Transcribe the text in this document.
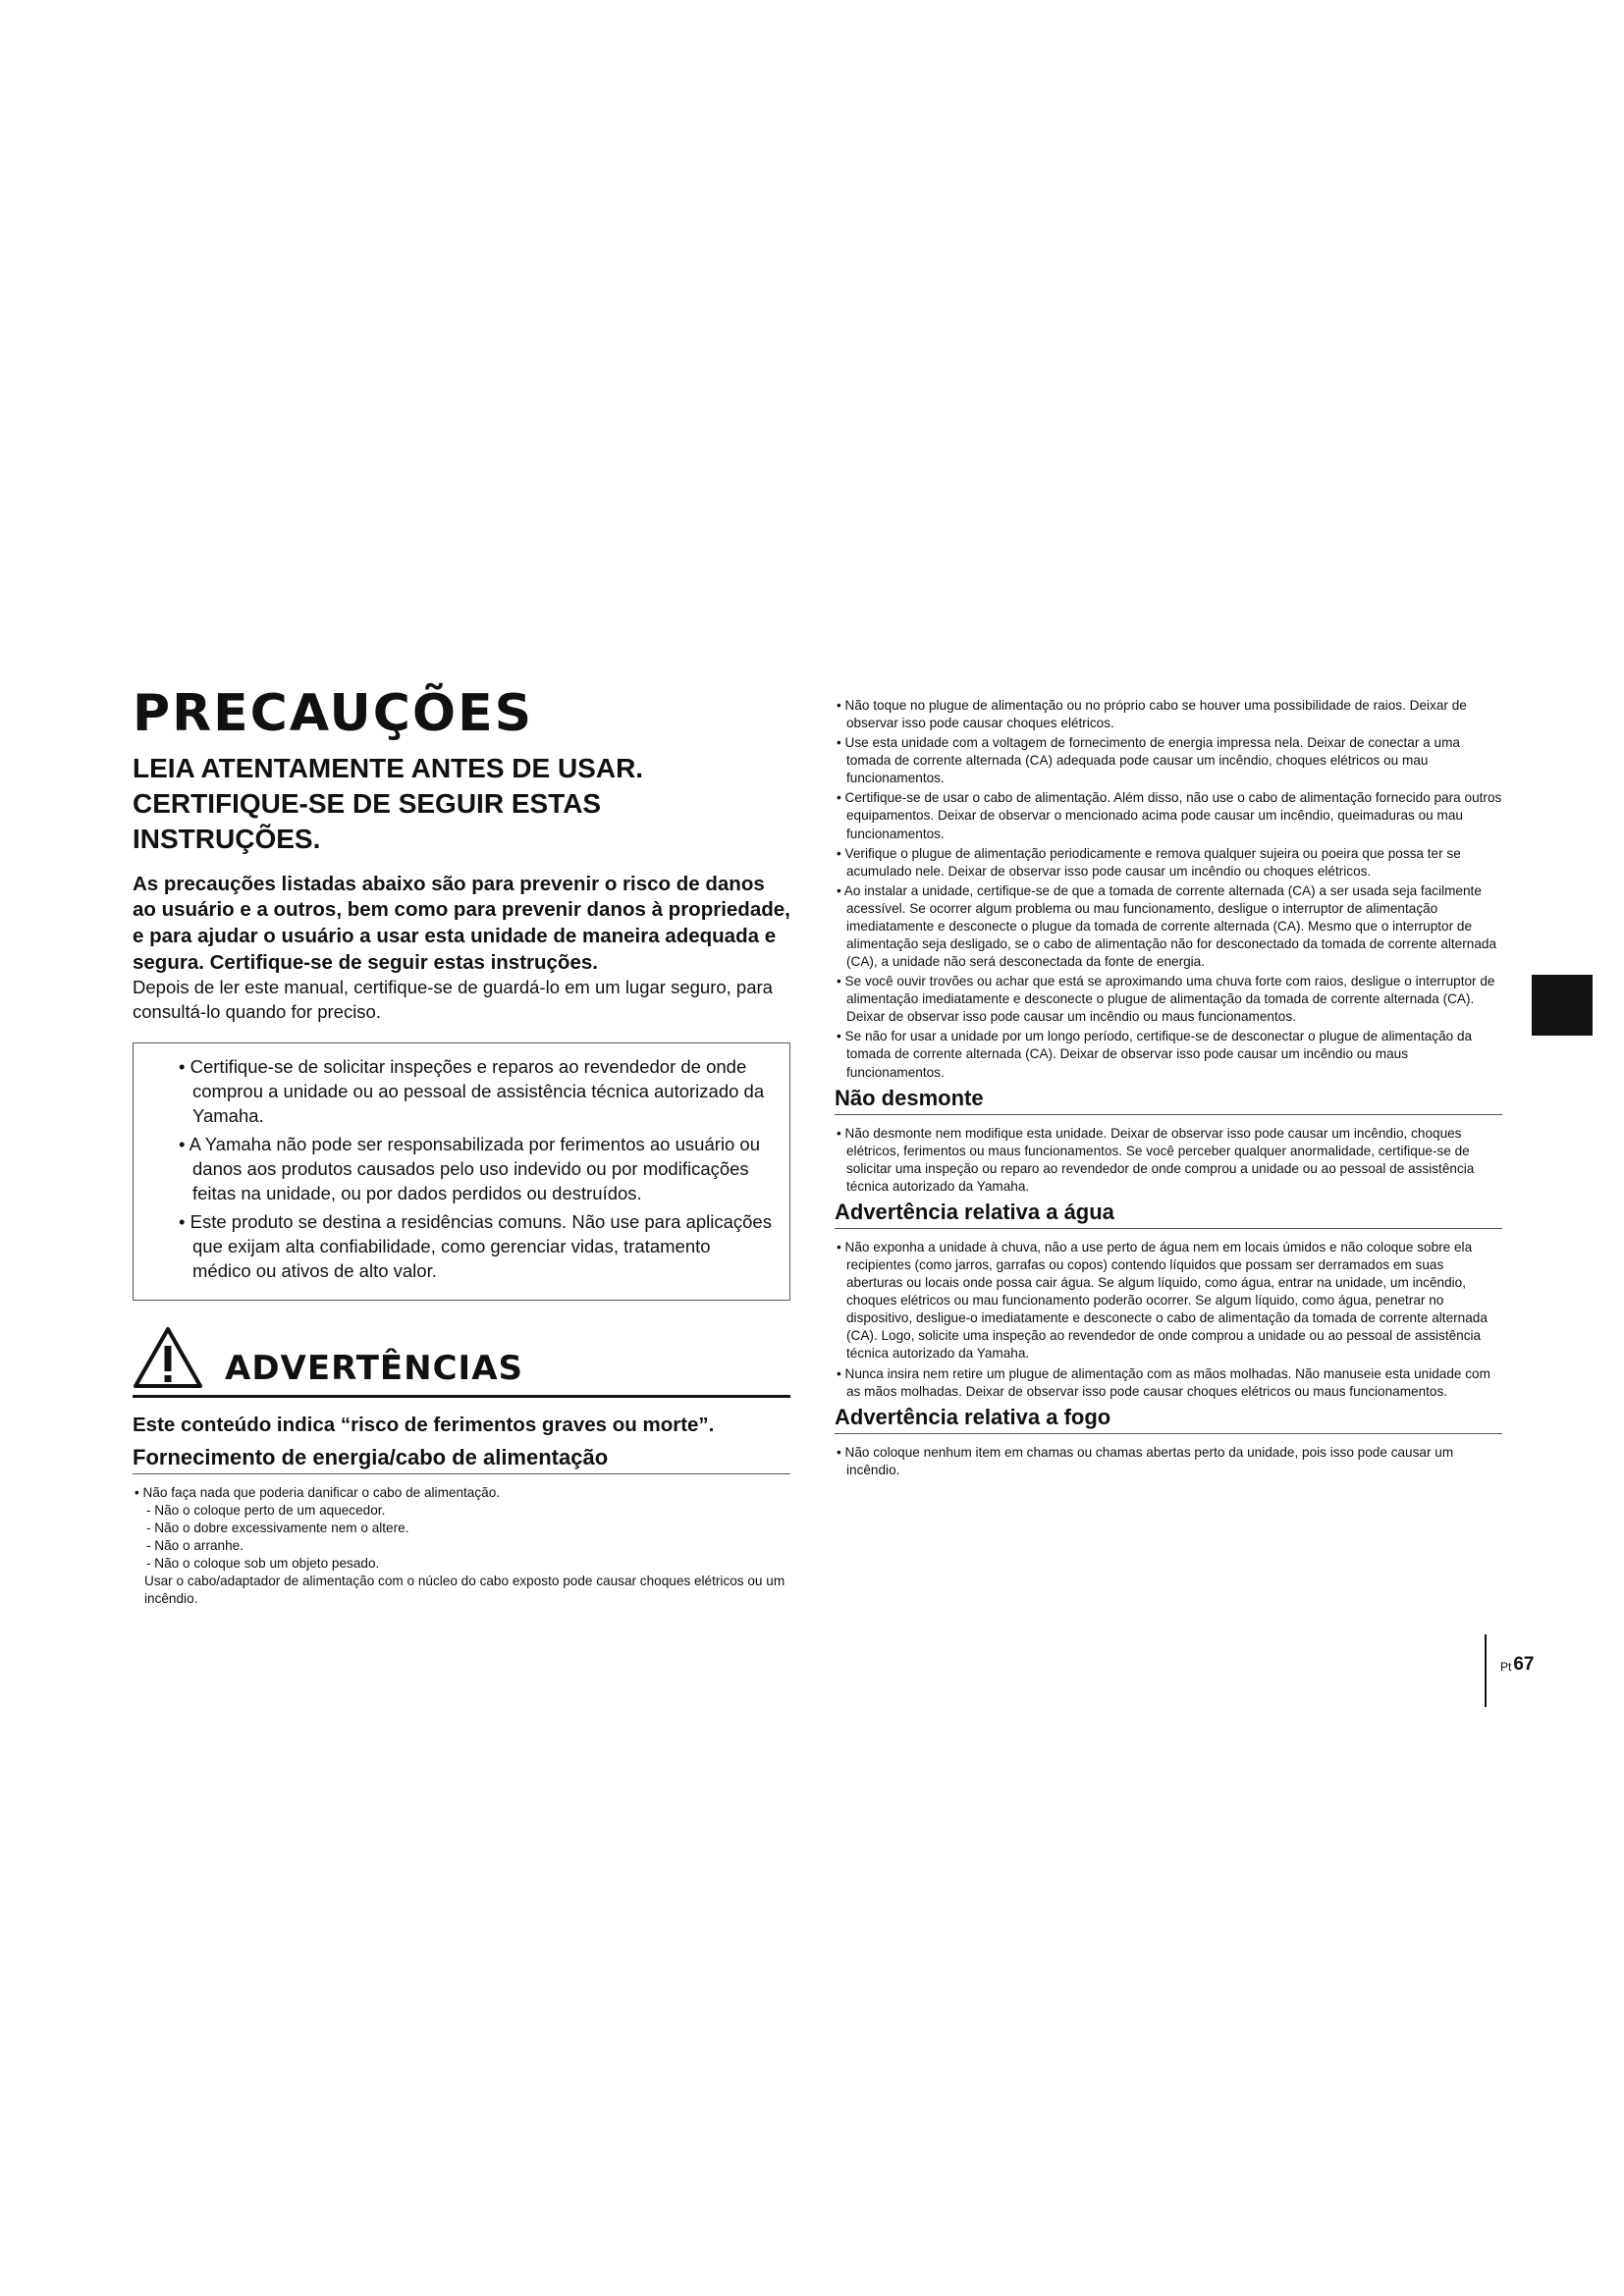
PRECAUÇÕES
LEIA ATENTAMENTE ANTES DE USAR. CERTIFIQUE-SE DE SEGUIR ESTAS INSTRUÇÕES.

As precauções listadas abaixo são para prevenir o risco de danos ao usuário e a outros, bem como para prevenir danos à propriedade, e para ajudar o usuário a usar esta unidade de maneira adequada e segura. Certifique-se de seguir estas instruções.

Depois de ler este manual, certifique-se de guardá-lo em um lugar seguro, para consultá-lo quando for preciso.

• Certifique-se de solicitar inspeções e reparos ao revendedor de onde comprou a unidade ou ao pessoal de assistência técnica autorizado da Yamaha.
• A Yamaha não pode ser responsabilizada por ferimentos ao usuário ou danos aos produtos causados pelo uso indevido ou por modificações feitas na unidade, ou por dados perdidos ou destruídos.
• Este produto se destina a residências comuns. Não use para aplicações que exijam alta confiabilidade, como gerenciar vidas, tratamento médico ou ativos de alto valor.
ADVERTÊNCIAS

Este conteúdo indica “risco de ferimentos graves ou morte”.

Fornecimento de energia/cabo de alimentação
• Não faça nada que poderia danificar o cabo de alimentação.
- Não o coloque perto de um aquecedor.
- Não o dobre excessivamente nem o altere.
- Não o arranhe.
- Não o coloque sob um objeto pesado.

Usar o cabo/adaptador de alimentação com o núcleo do cabo exposto pode causar choques elétricos ou um incêndio.

• Não toque no plugue de alimentação ou no próprio cabo se houver uma possibilidade de raios. Deixar de observar isso pode causar choques elétricos.
• Use esta unidade com a voltagem de fornecimento de energia impressa nela. Deixar de conectar a uma tomada de corrente alternada (CA) adequada pode causar um incêndio, choques elétricos ou mau funcionamentos.
• Certifique-se de usar o cabo de alimentação. Além disso, não use o cabo de alimentação fornecido para outros equipamentos. Deixar de observar o mencionado acima pode causar um incêndio, queimaduras ou mau funcionamentos.
• Verifique o plugue de alimentação periodicamente e remova qualquer sujeira ou poeira que possa ter se acumulado nele. Deixar de observar isso pode causar um incêndio ou choques elétricos.
• Ao instalar a unidade, certifique-se de que a tomada de corrente alternada (CA) a ser usada seja facilmente acessível. Se ocorrer algum problema ou mau funcionamento, desligue o interruptor de alimentação imediatamente e desconecte o plugue da tomada de corrente alternada (CA). Mesmo que o interruptor de alimentação seja desligado, se o cabo de alimentação não for desconectado da tomada de corrente alternada (CA), a unidade não será desconectada da fonte de energia.
• Se você ouvir trovões ou achar que está se aproximando uma chuva forte com raios, desligue o interruptor de alimentação imediatamente e desconecte o plugue de alimentação da tomada de corrente alternada (CA). Deixar de observar isso pode causar um incêndio ou maus funcionamentos.
• Se não for usar a unidade por um longo período, certifique-se de desconectar o plugue de alimentação da tomada de corrente alternada (CA). Deixar de observar isso pode causar um incêndio ou maus funcionamentos.
Não desmonte
• Não desmonte nem modifique esta unidade. Deixar de observar isso pode causar um incêndio, choques elétricos, ferimentos ou maus funcionamentos. Se você perceber qualquer anormalidade, certifique-se de solicitar uma inspeção ou reparo ao revendedor de onde comprou a unidade ou ao pessoal de assistência técnica autorizado da Yamaha.
Advertência relativa a água
• Não exponha a unidade à chuva, não a use perto de água nem em locais úmidos e não coloque sobre ela recipientes (como jarros, garrafas ou copos) contendo líquidos que possam ser derramados em suas aberturas ou locais onde possa cair água. Se algum líquido, como água, entrar na unidade, um incêndio, choques elétricos ou mau funcionamento poderão ocorrer. Se algum líquido, como água, penetrar no dispositivo, desligue-o imediatamente e desconecte o cabo de alimentação da tomada de corrente alternada (CA). Logo, solicite uma inspeção ao revendedor de onde comprou a unidade ou ao pessoal de assistência técnica autorizado da Yamaha.
• Nunca insira nem retire um plugue de alimentação com as mãos molhadas. Não manuseie esta unidade com as mãos molhadas. Deixar de observar isso pode causar choques elétricos ou maus funcionamentos.
Advertência relativa a fogo
• Não coloque nenhum item em chamas ou chamas abertas perto da unidade, pois isso pode causar um incêndio.
Pt 67
